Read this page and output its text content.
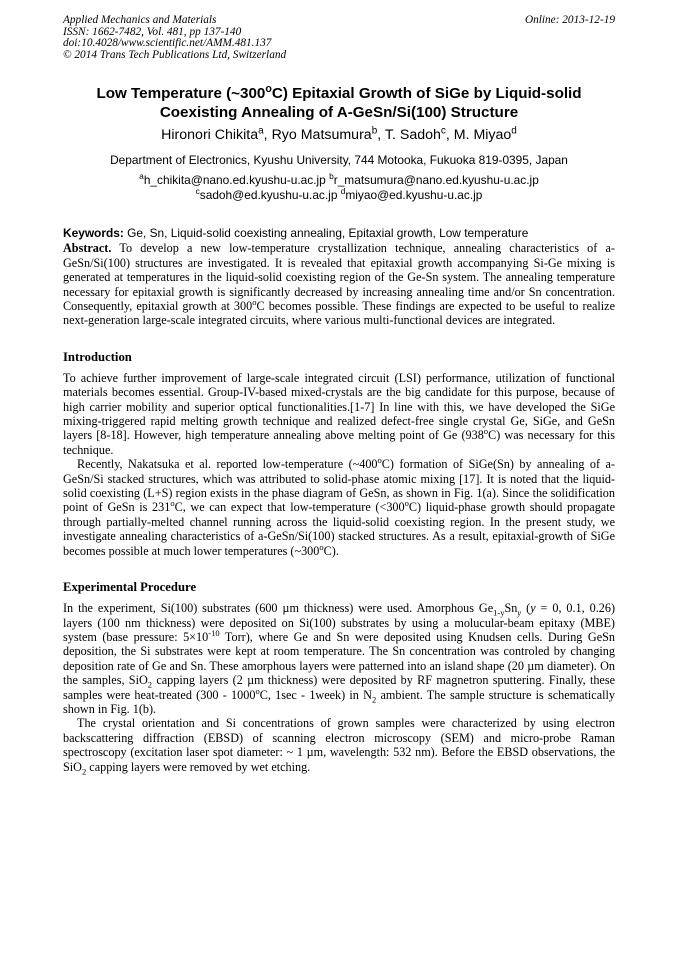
Applied Mechanics and Materials
ISSN: 1662-7482, Vol. 481, pp 137-140
doi:10.4028/www.scientific.net/AMM.481.137
© 2014 Trans Tech Publications Ltd, Switzerland
Online: 2013-12-19
Low Temperature (~300$^o$C) Epitaxial Growth of SiGe by Liquid-solid
Coexisting Annealing of A-GeSn/Si(100) Structure
Hironori Chikita$^a$, Ryo Matsumura$^b$, T. Sadoh$^c$, M. Miyao$^d$
Department of Electronics, Kyushu University, 744 Motooka, Fukuoka 819-0395, Japan
$^a$h_chikita@nano.ed.kyushu-u.ac.jp $^b$r_matsumura@nano.ed.kyushu-u.ac.jp
$^c$sadoh@ed.kyushu-u.ac.jp $^d$miyao@ed.kyushu-u.ac.jp
Keywords: Ge, Sn, Liquid-solid coexisting annealing, Epitaxial growth, Low temperature

Abstract. To develop a new low-temperature crystallization technique, annealing characteristics of a-GeSn/Si(100) structures are investigated. It is revealed that epitaxial growth accompanying Si-Ge mixing is generated at temperatures in the liquid-solid coexisting region of the Ge-Sn system. The annealing temperature necessary for epitaxial growth is significantly decreased by increasing annealing time and/or Sn concentration. Consequently, epitaxial growth at 300$^o$C becomes possible. These findings are expected to be useful to realize next-generation large-scale integrated circuits, where various multi-functional devices are integrated.

Introduction

To achieve further improvement of large-scale integrated circuit (LSI) performance, utilization of functional materials becomes essential. Group-IV-based mixed-crystals are the big candidate for this purpose, because of high carrier mobility and superior optical functionalities.[1-7] In line with this, we have developed the SiGe mixing-triggered rapid melting growth technique and realized defect-free single crystal Ge, SiGe, and GeSn layers [8-18]. However, high temperature annealing above melting point of Ge (938$^o$C) was necessary for this technique.

Recently, Nakatsuka et al. reported low-temperature (~400$^o$C) formation of SiGe(Sn) by annealing of a-GeSn/Si stacked structures, which was attributed to solid-phase atomic mixing [17]. It is noted that the liquid-solid coexisting (L+S) region exists in the phase diagram of GeSn, as shown in Fig. 1(a). Since the solidification point of GeSn is 231$^o$C, we can expect that low-temperature $(<300^oC)$ liquid-phase growth should propagate through partially-melted channel running across the liquid-solid coexisting region. In the present study, we investigate annealing characteristics of a-GeSn/Si(100) stacked structures. As a result, epitaxial-growth of SiGe becomes possible at much lower temperatures (~300$^o$C).

Experimental Procedure

In the experiment, Si(100) substrates (600 µm thickness) were used. Amorphous $Ge_{1-y}Sn_y$ (y = 0, 0.1, 0.26) layers (100 nm thickness) were deposited on Si(100) substrates by using a molucular-beam epitaxy (MBE) system (base pressure: $5\times 10^{-10}$ Torr), where Ge and Sn were deposited using Knudsen cells. During GeSn deposition, the Si substrates were kept at room temperature. The Sn concentration was controled by changing deposition rate of Ge and Sn. These amorphous layers were patterned into an island shape (20 µm diameter). On the samples, SiO$_2$ capping layers (2 µm thickness) were deposited by RF magnetron sputtering. Finally, these samples were heat-treated (300 - 1000$^o$C, 1sec - 1week) in $N_2$ ambient. The sample structure is schematically shown in Fig. 1(b).

The crystal orientation and Si concentrations of grown samples were characterized by using electron backscattering diffraction (EBSD) of scanning electron microscopy (SEM) and micro-probe Raman spectroscopy (excitation laser spot diameter: ~ 1 µm, wavelength: 532 nm). Before the EBSD observations, the SiO$_2$ capping layers were removed by wet etching.
